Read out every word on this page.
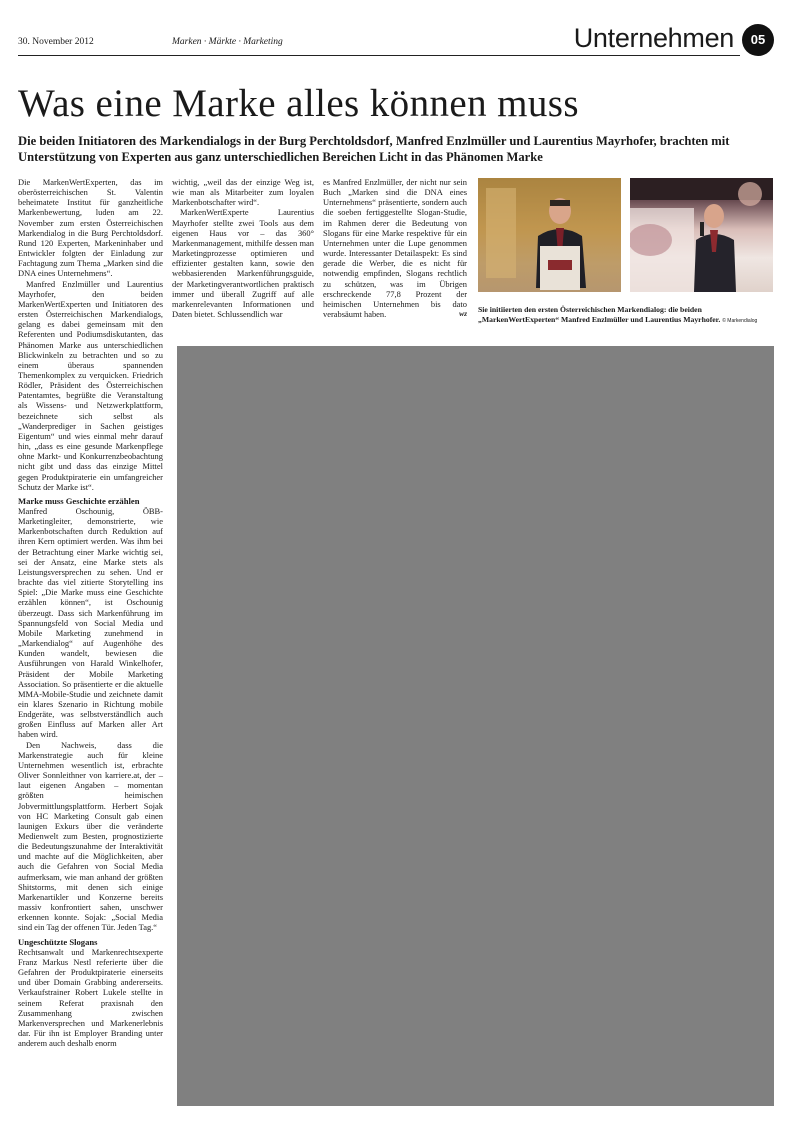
30. November 2012	Marken · Märkte · Marketing	Unternehmen	05
Was eine Marke alles können muss

Die beiden Initiatoren des Markendialogs in der Burg Perchtoldsdorf, Manfred Enzlmüller und Laurentius Mayrhofer, brachten mit Unterstützung von Experten aus ganz unterschiedlichen Bereichen Licht in das Phänomen Marke

Die MarkenWertExperten, das im oberösterreichischen St. Valentin beheimatete Institut für ganzheitliche Markenbewertung, luden am 22. November zum ersten Österreichischen Markendialog in die Burg Perchtoldsdorf. Rund 120 Experten, Markeninhaber und Entwickler folgten der Einladung zur Fachtagung zum Thema „Marken sind die DNA eines Unternehmens“.

Manfred Enzlmüller und Laurentius Mayrhofer, den beiden MarkenWertExperten und Initiatoren des ersten Österreichischen Markendialogs, gelang es dabei gemeinsam mit den Referenten und Podiumsdiskutanten, das Phänomen Marke aus unterschiedlichen Blickwinkeln zu betrachten und so zu einem überaus spannenden Themenkomplex zu verquicken. Friedrich Rödler, Präsident des Österreichischen Patentamtes, begrüßte die Veranstaltung als Wissens- und Netzwerkplattform, bezeichnete sich selbst als „Wanderprediger in Sachen geistiges Eigentum“ und wies einmal mehr darauf hin, „dass es eine gesunde Markenpflege ohne Markt- und Konkurrenzbeobachtung nicht gibt und dass das einzige Mittel gegen Produktpiraterie ein umfangreicher Schutz der Marke ist“.

Marke muss Geschichte erzählen

Manfred Oschounig, ÖBB-Marketingleiter, demonstrierte, wie Markenbotschaften durch Reduktion auf ihren Kern optimiert werden. Was ihm bei der Betrachtung einer Marke wichtig sei, sei der Ansatz, eine Marke stets als Leistungsversprechen zu sehen. Und er brachte das viel zitierte Storytelling ins Spiel: „Die Marke muss eine Geschichte erzählen können“, ist Oschounig überzeugt. Dass sich Markenführung im Spannungsfeld von Social Media und Mobile Marketing zunehmend in „Markendialog“ auf Augenhöhe des Kunden wandelt, bewiesen die Ausführungen von Harald Winkelhofer, Präsident der Mobile Marketing Association. So präsentierte er die aktuelle MMA-Mobile-Studie und zeichnete damit ein klares Szenario in Richtung mobile Endgeräte, was selbstverständlich auch großen Einfluss auf Marken aller Art haben wird.

Den Nachweis, dass die Markenstrategie auch für kleine Unternehmen wesentlich ist, erbrachte Oliver Sonnleithner von karriere.at, der – laut eigenen Angaben – momentan größten heimischen Jobvermittlungsplattform. Herbert Sojak von HC Marketing Consult gab einen launigen Exkurs über die veränderte Medienwelt zum Besten, prognostizierte die Bedeutungszunahme der Interaktivität und machte auf die Möglichkeiten, aber auch die Gefahren von Social Media aufmerksam, wie man anhand der größten Shitstorms, mit denen sich einige Markenartikler und Konzerne bereits massiv konfrontiert sahen, unschwer erkennen konnte. Sojak: „Social Media sind ein Tag der offenen Tür. Jeden Tag.“

Ungeschützte Slogans

Rechtsanwalt und Markenrechtsexperte Franz Markus Nestl referierte über die Gefahren der Produktpiraterie einerseits und über Domain Grabbing andererseits. Verkaufstrainer Robert Lukele stellte in seinem Referat praxisnah den Zusammenhang zwischen Markenversprechen und Markenerlebnis dar. Für ihn ist Employer Branding unter anderem auch deshalb enorm

wichtig, „weil das der einzige Weg ist, wie man als Mitarbeiter zum loyalen Markenbotschafter wird“.

MarkenWertExperte Laurentius Mayrhofer stellte zwei Tools aus dem eigenen Haus vor – das 360° Markenmanagement, mithilfe dessen man Marketingprozesse optimieren und effizienter gestalten kann, sowie den webbasierenden Markenführungsguide, der Marketingverantwortlichen praktisch immer und überall Zugriff auf alle markenrelevanten Informationen und Daten bietet. Schlussendlich war

es Manfred Enzlmüller, der nicht nur sein Buch „Marken sind die DNA eines Unternehmens“ präsentierte, sondern auch die soeben fertiggestellte Slogan-Studie, im Rahmen derer die Bedeutung von Slogans für eine Marke respektive für ein Unternehmen unter die Lupe genommen wurde. Interessanter Detailaspekt: Es sind gerade die Werber, die es nicht für notwendig empfinden, Slogans rechtlich zu schützen, was im Übrigen erschreckende 77,8 Prozent der heimischen Unternehmen bis dato verabsäumt haben.	wz Sie initiierten den ersten Österreichischen Markendialog: die beiden „MarkenWertExperten“ Manfred Enzlmüller und Laurentius Mayrhofer. © Markendialog
